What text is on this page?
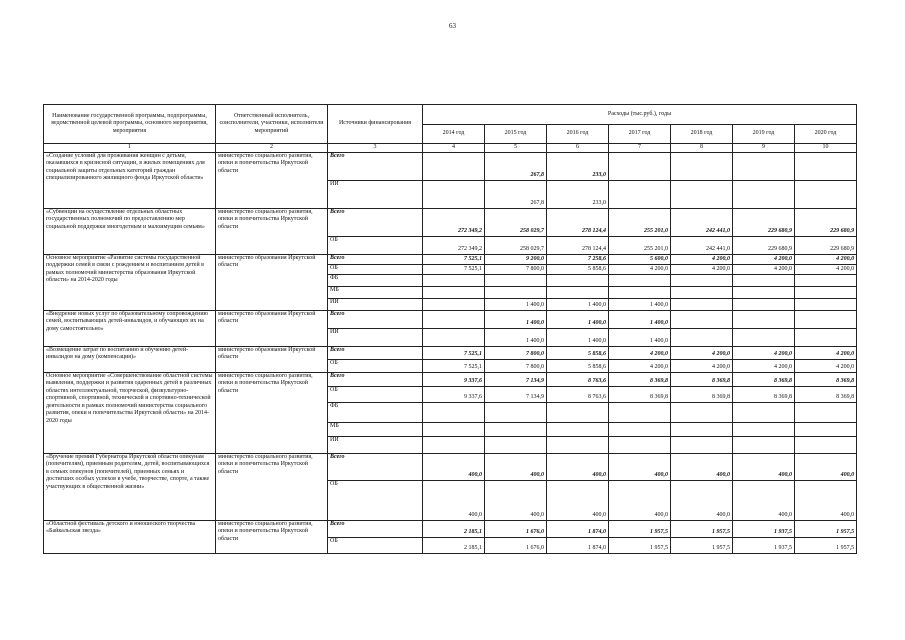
63
Наименование государственной программы, подпрограммы, ведомственной целевой программы, основного мероприятия, мероприятия	Ответственный исполнитель, соисполнители, участники, исполнители мероприятий	Источники финансирования	Расходы (тыс.руб.), годы						
			2014 год	2015 год	2016 год	2017 год	2018 год	2019 год	2020 год
1	2	3	4	5	6	7	8	9	10
«Создание условий для проживания женщин с детьми, оказавшихся в кризисной ситуации, в жилых помещениях для социальной защиты отдельных категорий граждан специализированного жилищного фонда Иркутской области»	министерство социального развития, опеки и попечительства Иркутской области	Всего		267,8	233,0				
		ИИ		267,8	233,0				
«Субвенции на осуществление отдельных областных государственных полномочий по предоставлению мер социальной поддержки многодетным и малоимущим семьям»	министерство социального развития, опеки и попечительства Иркутской области	Всего	272 349,2	258 029,7	278 124,4	255 201,0	242 441,0	229 680,9	229 680,9
		ОБ	272 349,2	258 029,7	278 124,4	255 201,0	242 441,0	229 680,9	229 680,9
Основное мероприятие «Развитие системы государственной поддержки семей в связи с рождением и воспитанием детей в рамках полномочий министерства образования Иркутской области» на 2014-2020 годы	министерство образования Иркутской области	Всего	7 525,1	9 200,0	7 258,6	5 600,0	4 200,0	4 200,0	4 200,0
		ОБ	7 525,1	7 800,0	5 858,6	4 200,0	4 200,0	4 200,0	4 200,0
		ФБ							
		МБ							
		ИИ		1 400,0	1 400,0	1 400,0			
«Внедрение новых услуг по образовательному сопровождению семей, воспитывающих детей-инвалидов, и обучающих их на дому самостоятельно»	министерство образования Иркутской области	Всего		1 400,0	1 400,0	1 400,0			
		ИИ		1 400,0	1 400,0	1 400,0			
«Возмещение затрат по воспитанию и обучению детей-инвалидов на дому (компенсация)»	министерство образования Иркутской области	Всего	7 525,1	7 800,0	5 858,6	4 200,0	4 200,0	4 200,0	4 200,0
		ОБ	7 525,1	7 800,0	5 858,6	4 200,0	4 200,0	4 200,0	4 200,0
Основное мероприятие «Совершенствование областной системы выявления, поддержки и развития одаренных детей в различных областях интеллектуальной, творческой, физкультурно-спортивной, спортивной, технической и спортивно-технической деятельности в рамках полномочий министерства социального развития, опеки и попечительства Иркутской области» на 2014-2020 годы	министерство социального развития, опеки и попечительства Иркутской области	Всего	9 337,6	7 134,9	8 763,6	8 369,8	8 369,8	8 369,8	8 369,8
		ОБ	9 337,6	7 134,9	8 763,6	8 369,8	8 369,8	8 369,8	8 369,8
		ФБ							
		МБ							
		ИИ							
«Вручение премий Губернатора Иркутской области опекунам (попечителям), приемным родителям, детей, воспитывающихся в семьях опекунов (попечителей), приемных семьях и достигших особых успехов в учебе, творчестве, спорте, а также участвующих в общественной жизни»	министерство социального развития, опеки и попечительства Иркутской области	Всего	400,0	400,0	400,0	400,0	400,0	400,0	400,0
		ОБ	400,0	400,0	400,0	400,0	400,0	400,0	400,0
«Областной фестиваль детского и юношеского творчества «Байкальская звезда»	министерство социального развития, опеки и попечительства Иркутской области	Всего	2 185,1	1 676,0	1 874,0	1 957,5	1 957,5	1 937,5	1 957,5
		ОБ	2 185,1	1 676,0	1 874,0	1 957,5	1 957,5	1 937,5	1 957,5
